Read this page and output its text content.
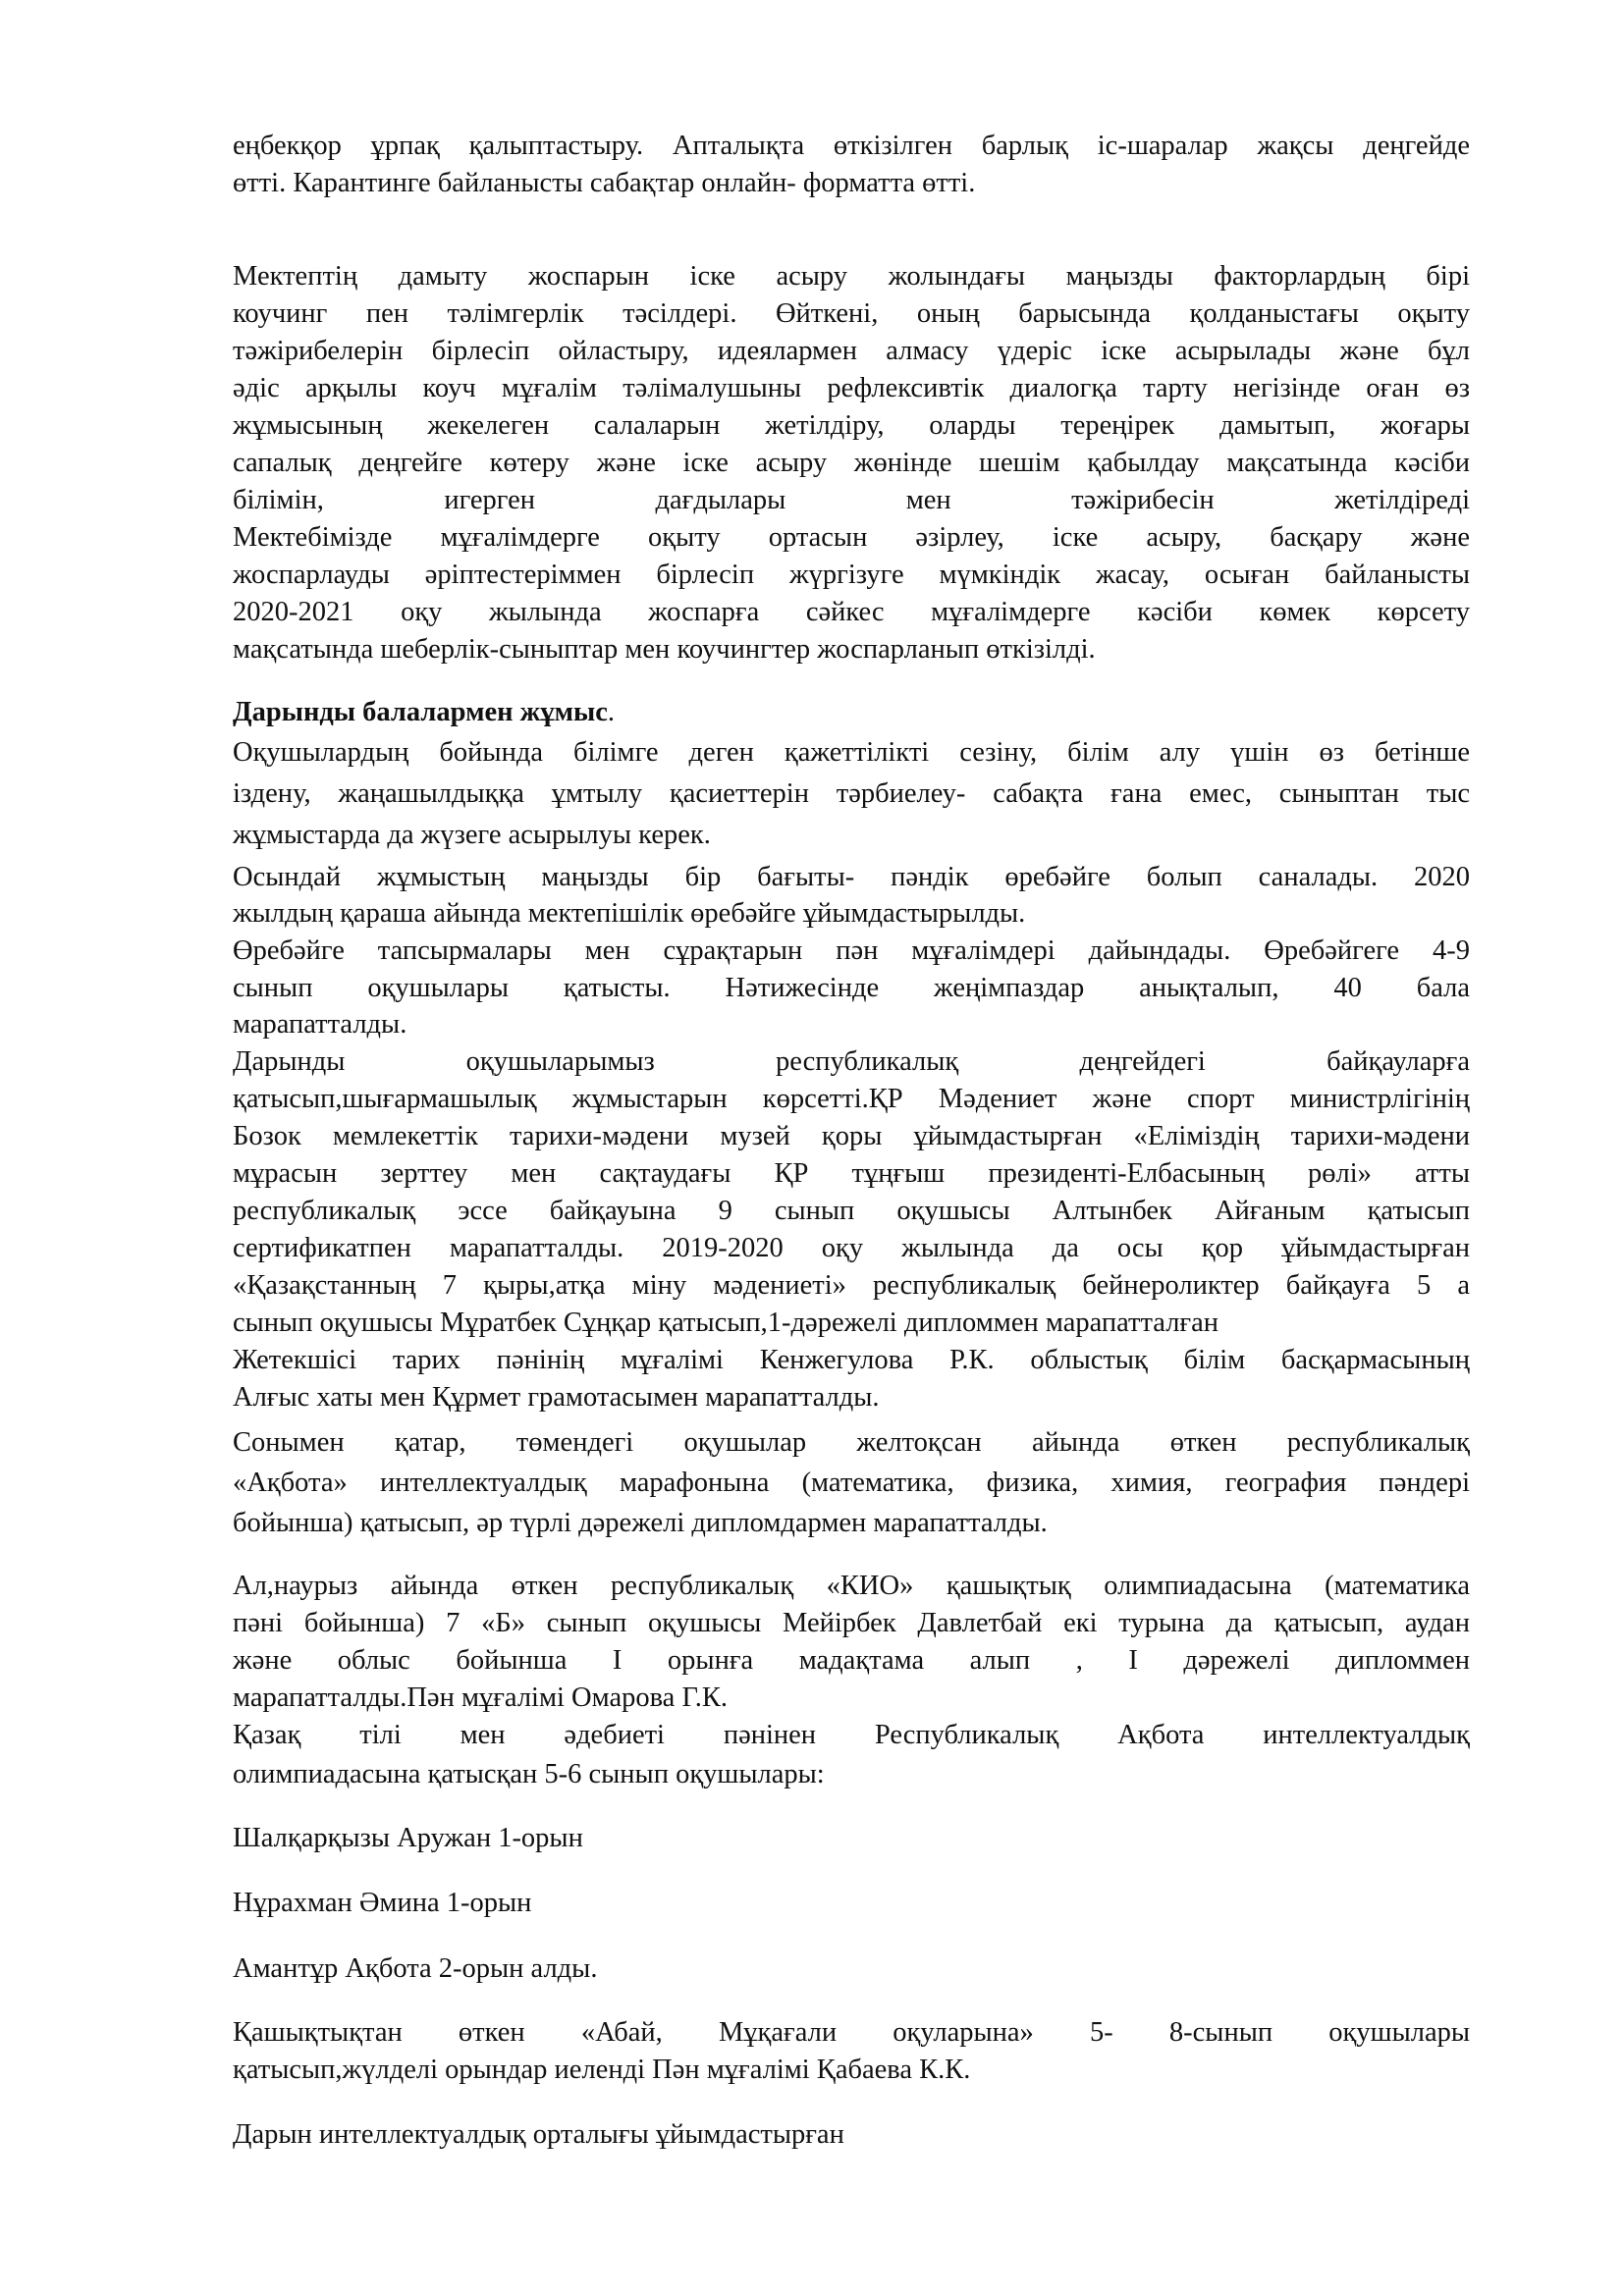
еңбекқор ұрпақ қалыптастыру. Апталықта өткізілген барлық іс-шаралар жақсы деңгейде
өтті. Карантинге байланысты сабақтар онлайн- форматта өтті.
Мектептің дамыту жоспарын іске асыру жолындағы маңызды факторлардың бірі
коучинг пен тәлімгерлік тәсілдері. Өйткені, оның барысында қолданыстағы оқыту
тәжірибелерін бірлесіп ойластыру, идеялармен алмасу үдеріс іске асырылады және бұл
әдіс арқылы коуч мұғалім тәлімалушыны рефлексивтік диалогқа тарту негізінде оған өз
жұмысының жекелеген салаларын жетілдіру, оларды тереңірек дамытып, жоғары
сапалық деңгейге көтеру және іске асыру жөнінде шешім қабылдау мақсатында кәсіби
білімін, игерген дағдылары мен тәжірибесін жетілдіреді
Мектебімізде мұғалімдерге оқыту ортасын әзірлеу, іске асыру, басқару және
жоспарлауды әріптестеріммен бірлесіп жүргізуге мүмкіндік жасау, осыған байланысты
2020-2021 оқу жылында жоспарға сәйкес мұғалімдерге кәсіби көмек көрсету
мақсатында шеберлік-сыныптар мен коучингтер жоспарланып өткізілді.
Дарынды балалармен жұмыс.
Оқушылардың бойында білімге деген қажеттілікті сезіну, білім алу үшін өз бетінше
іздену, жаңашылдыққа ұмтылу қасиеттерін тәрбиелеу- сабақта ғана емес, сыныптан тыс
жұмыстарда да жүзеге асырылуы керек.
Осындай жұмыстың маңызды бір бағыты- пәндік өребәйге болып саналады. 2020
жылдың қараша айында мектепішілік өребәйге ұйымдастырылды.
Өребәйге тапсырмалары мен сұрақтарын пән мұғалімдері дайындады. Өребәйгеге 4-9
сынып оқушылары қатысты. Нәтижесінде жеңімпаздар анықталып, 40 бала
марапатталды.
Дарынды оқушыларымыз республикалық деңгейдегі байқауларға
қатысып,шығармашылық жұмыстарын көрсетті.ҚР Мәдениет және спорт министрлігінің
Бозок мемлекеттік тарихи-мәдени музей қоры ұйымдастырған «Еліміздің тарихи-мәдени
мұрасын зерттеу мен сақтаудағы ҚР тұңғыш президенті-Елбасының рөлі» атты
республикалық эссе байқауына 9 сынып оқушысы Алтынбек Айғаным қатысып
сертификатпен марапатталды. 2019-2020 оқу жылында да осы қор ұйымдастырған
«Қазақстанның 7 қыры,атқа міну мәдениеті» республикалық бейнероликтер байқауға 5 а
сынып оқушысы Мұратбек Сұңқар қатысып,1-дәрежелі дипломмен марапатталған
Жетекшісі тарих пәнінің мұғалімі Кенжегулова Р.К. облыстық білім басқармасының
Алғыс хаты мен Құрмет грамотасымен марапатталды.
Сонымен қатар, төмендегі оқушылар желтоқсан айында өткен республикалық
«Ақбота» интеллектуалдық марафонына (математика, физика, химия, география пәндері
бойынша) қатысып, әр түрлі дәрежелі дипломдармен марапатталды.
Ал,наурыз айында өткен республикалық «КИО» қашықтық олимпиадасына (математика
пәні бойынша) 7 «Б» сынып оқушысы Мейірбек Давлетбай екі турына да қатысып, аудан
және облыс бойынша I орынға мадақтама алып , I дәрежелі дипломмен
марапатталды.Пән мұғалімі Омарова Г.К.
Қазақ тілі мен әдебиеті пәнінен Республикалық Ақбота интеллектуалдық
олимпиадасына қатысқан 5-6 сынып оқушылары:
Шалқарқызы Аружан 1-орын
Нұрахман Әмина 1-орын
Амантұр Ақбота 2-орын алды.
Қашықтықтан өткен «Абай, Мұқағали оқуларына» 5- 8-сынып оқушылары
қатысып,жүлделі орындар иеленді Пән мұғалімі Қабаева К.К.
Дарын интеллектуалдық орталығы ұйымдастырған
